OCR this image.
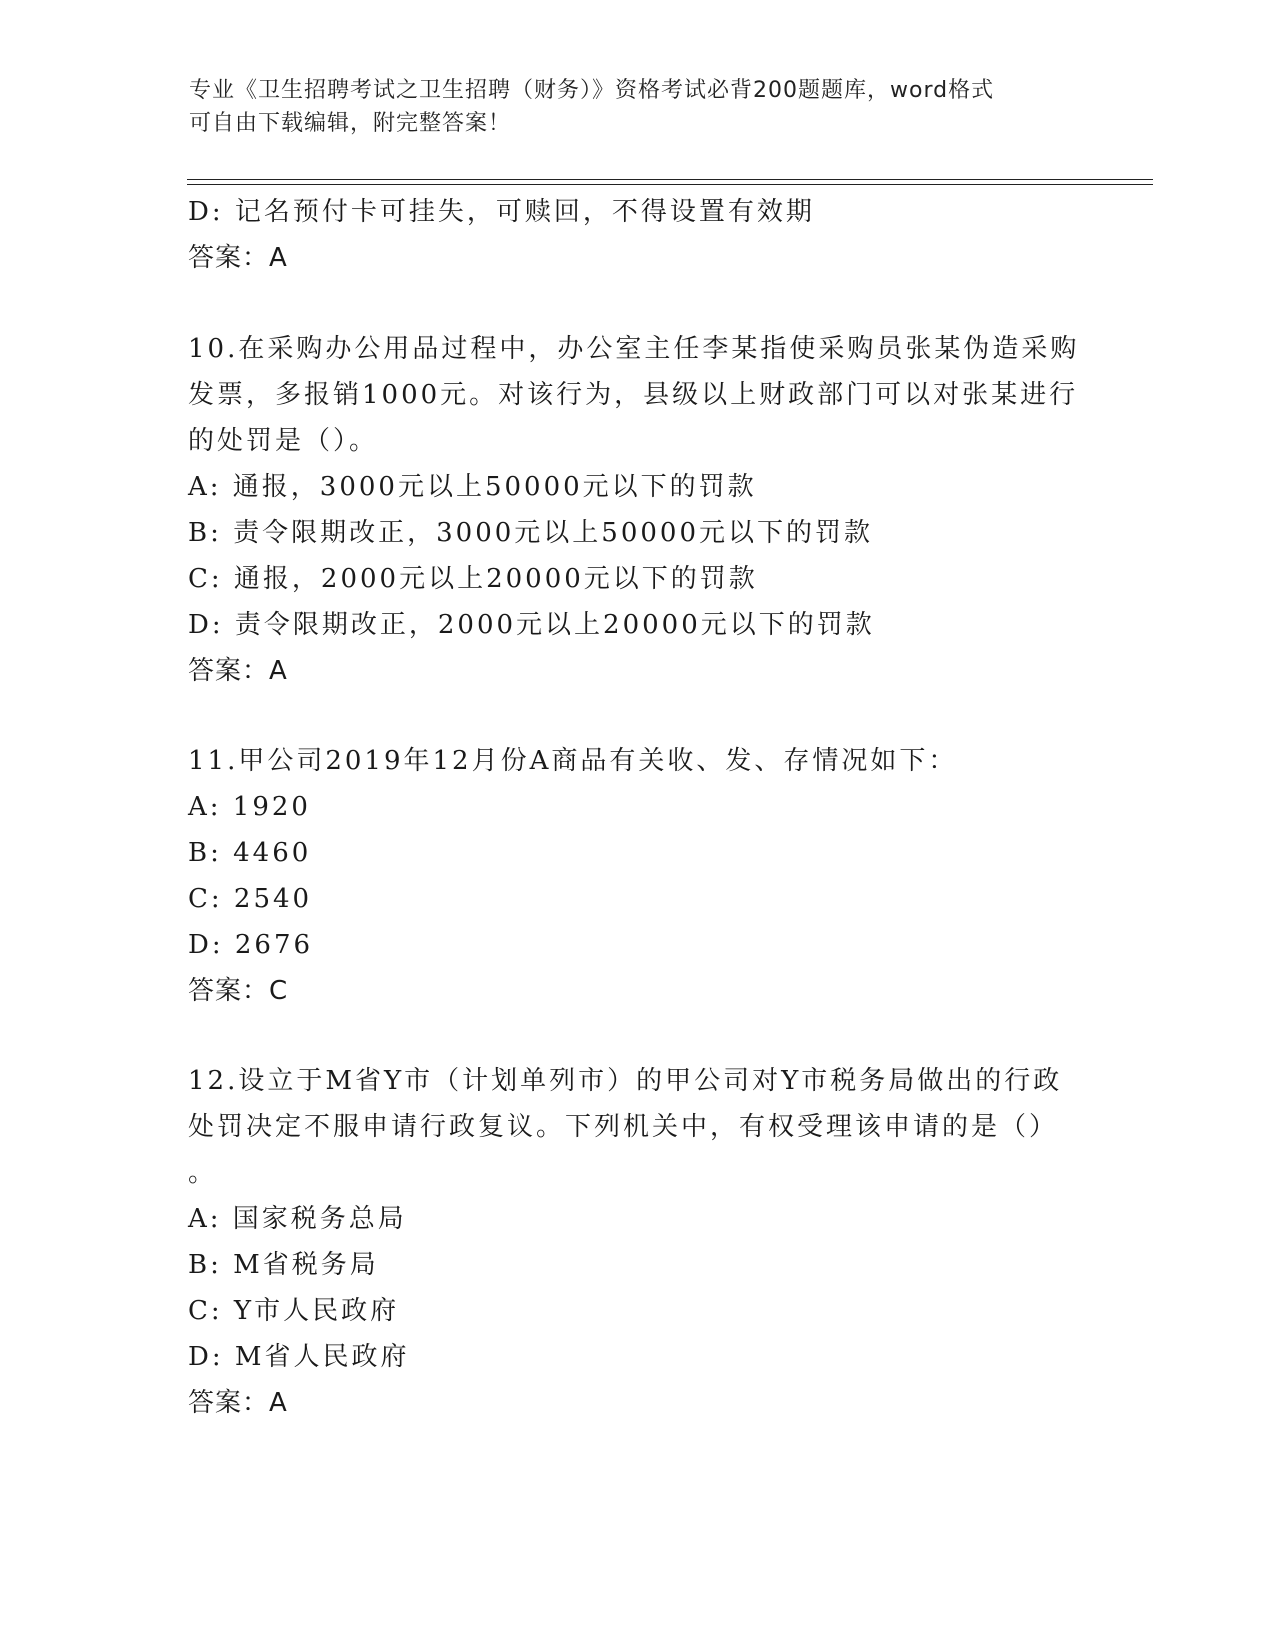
专业《卫生招聘考试之卫生招聘（财务）》资格考试必背200题题库，word格式

可自由下载编辑，附完整答案！

D: 记名预付卡可挂失，可赎回，不得设置有效期
答案：A
10.在采购办公用品过程中，办公室主任李某指使采购员张某伪造采购
发票，多报销1000元。对该行为，县级以上财政部门可以对张某进行
的处罚是（）。
A: 通报，3000元以上50000元以下的罚款
B: 责令限期改正，3000元以上50000元以下的罚款
C: 通报，2000元以上20000元以下的罚款
D: 责令限期改正，2000元以上20000元以下的罚款
答案：A
11.甲公司2019年12月份A商品有关收、发、存情况如下：
A: 1920
B: 4460
C: 2540
D: 2676
答案：C
12.设立于M省Y市（计划单列市）的甲公司对Y市税务局做出的行政
处罚决定不服申请行政复议。下列机关中，有权受理该申请的是（）
。
A: 国家税务总局
B: M省税务局
C: Y市人民政府
D: M省人民政府
答案：A
